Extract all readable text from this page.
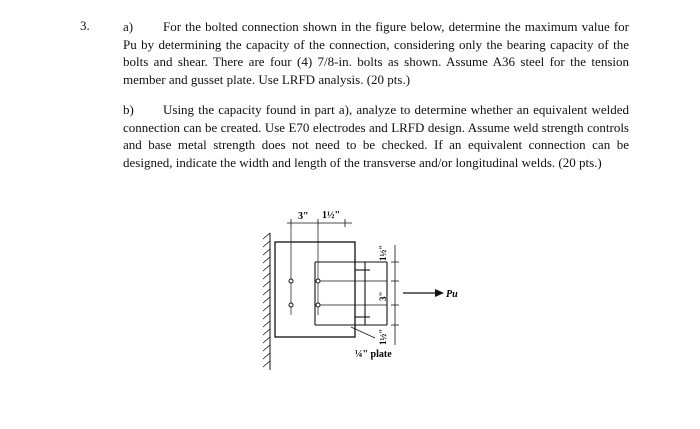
3.	a) For the bolted connection shown in the figure below, determine the maximum value for Pu by determining the capacity of the connection, considering only the bearing capacity of the bolts and shear. There are four (4) 7/8-in. bolts as shown. Assume A36 steel for the tension member and gusset plate. Use LRFD analysis. (20 pts.)
b) Using the capacity found in part a), analyze to determine whether an equivalent welded connection can be created. Use E70 electrodes and LRFD design. Assume weld strength controls and base metal strength does not need to be checked. If an equivalent connection can be designed, indicate the width and length of the transverse and/or longitudinal welds. (20 pts.)
3" 1½"
1½"
3"
1½"
Pu
¼" plate
